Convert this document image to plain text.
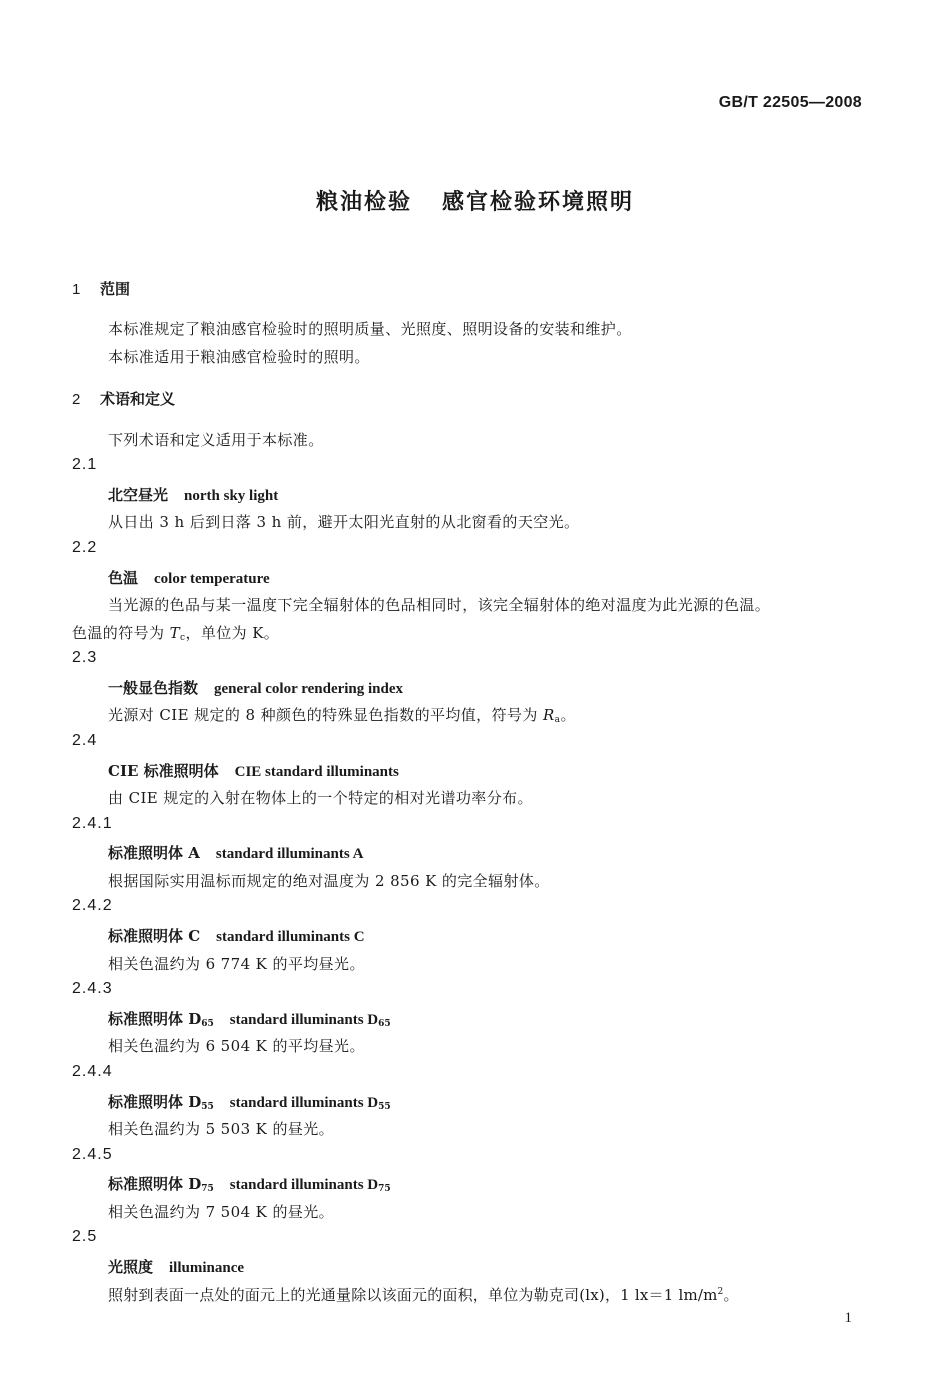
GB/T 22505—2008
粮油检验 感官检验环境照明
1 范围
本标准规定了粮油感官检验时的照明质量、光照度、照明设备的安装和维护。
本标准适用于粮油感官检验时的照明。
2 术语和定义
下列术语和定义适用于本标准。
2.1
北空昼光 north sky light
从日出 3 h 后到日落 3 h 前，避开太阳光直射的从北窗看的天空光。
2.2
色温 color temperature
当光源的色品与某一温度下完全辐射体的色品相同时，该完全辐射体的绝对温度为此光源的色温。
色温的符号为 $T_c$，单位为 K。
2.3
一般显色指数 general color rendering index
光源对 CIE 规定的 8 种颜色的特殊显色指数的平均值，符号为 $R_a$。
2.4
CIE 标准照明体 CIE standard illuminants
由 CIE 规定的入射在物体上的一个特定的相对光谱功率分布。
2.4.1
标准照明体 A standard illuminants A
根据国际实用温标而规定的绝对温度为 2 856 K 的完全辐射体。
2.4.2
标准照明体 C standard illuminants C
相关色温约为 6 774 K 的平均昼光。
2.4.3
标准照明体 $D_{65}$ standard illuminants $D_{65}$
相关色温约为 6 504 K 的平均昼光。
2.4.4
标准照明体 $D_{55}$ standard illuminants $D_{55}$
相关色温约为 5 503 K 的昼光。
2.4.5
标准照明体 $D_{75}$ standard illuminants $D_{75}$
相关色温约为 7 504 K 的昼光。
2.5
光照度 illuminance
照射到表面一点处的面元上的光通量除以该面元的面积，单位为勒克司(lx)，1 lx＝1 $lm/m^2$。
1
